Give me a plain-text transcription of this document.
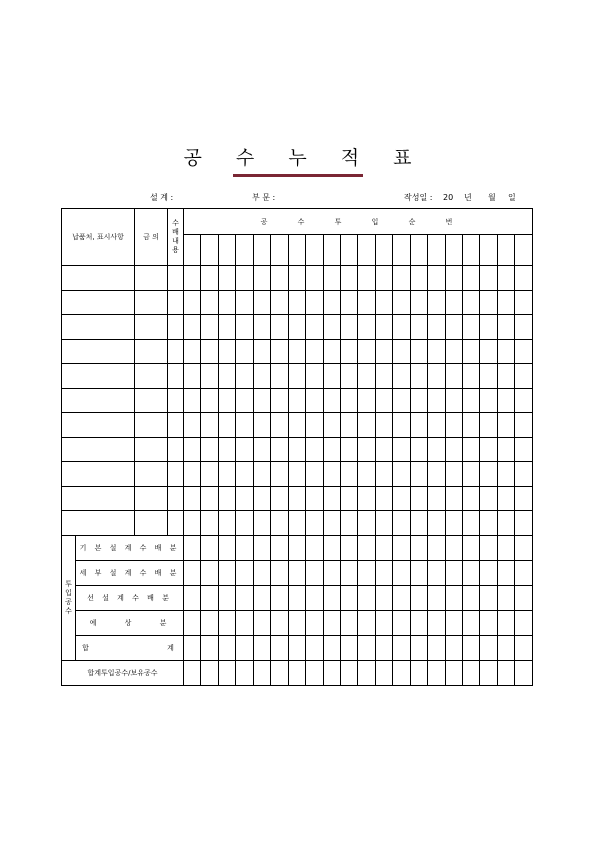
공 수 누 적 표
설 계 :	부 문 :	작성일 : 20 년 월 일
납품처, 표시사항		금 의	수 배 내 용	공 수 투 입 순 번																			

투 입 공 수	기 본 설 계 수 배 분																						
	세 부 설 계 수 배 분																						
	선 설 계 수 배 분																						
	예 상 분																						
	합 계																						
합계투입공수/보유공수																							
